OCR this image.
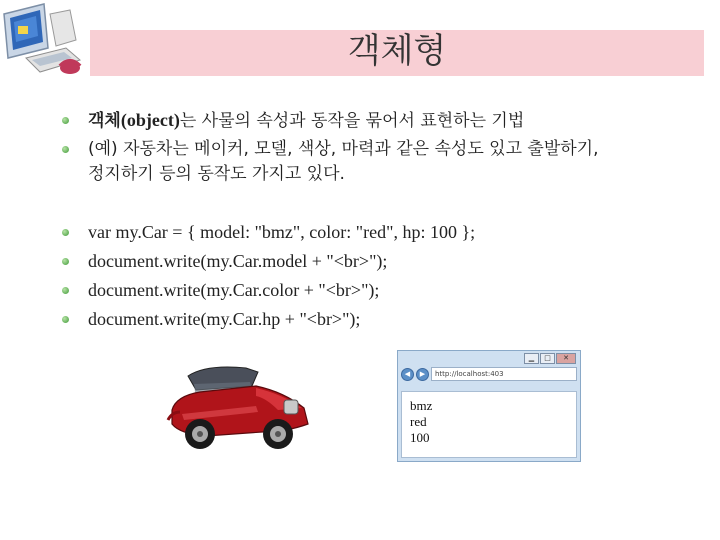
객체형
객체(object)는 사물의 속성과 동작을 묶어서 표현하는 기법
(예) 자동차는 메이커, 모델, 색상, 마력과 같은 속성도 있고 출발하기,
정지하기 등의 동작도 가지고 있다.
var my.Car = { model: "bmz", color: "red", hp: 100 };
document.write(my.Car.model + "<br>");
document.write(my.Car.color + "<br>");
document.write(my.Car.hp + "<br>");
▁	□	✕
◀	▶	http://localhost:403
bmz
red
100
